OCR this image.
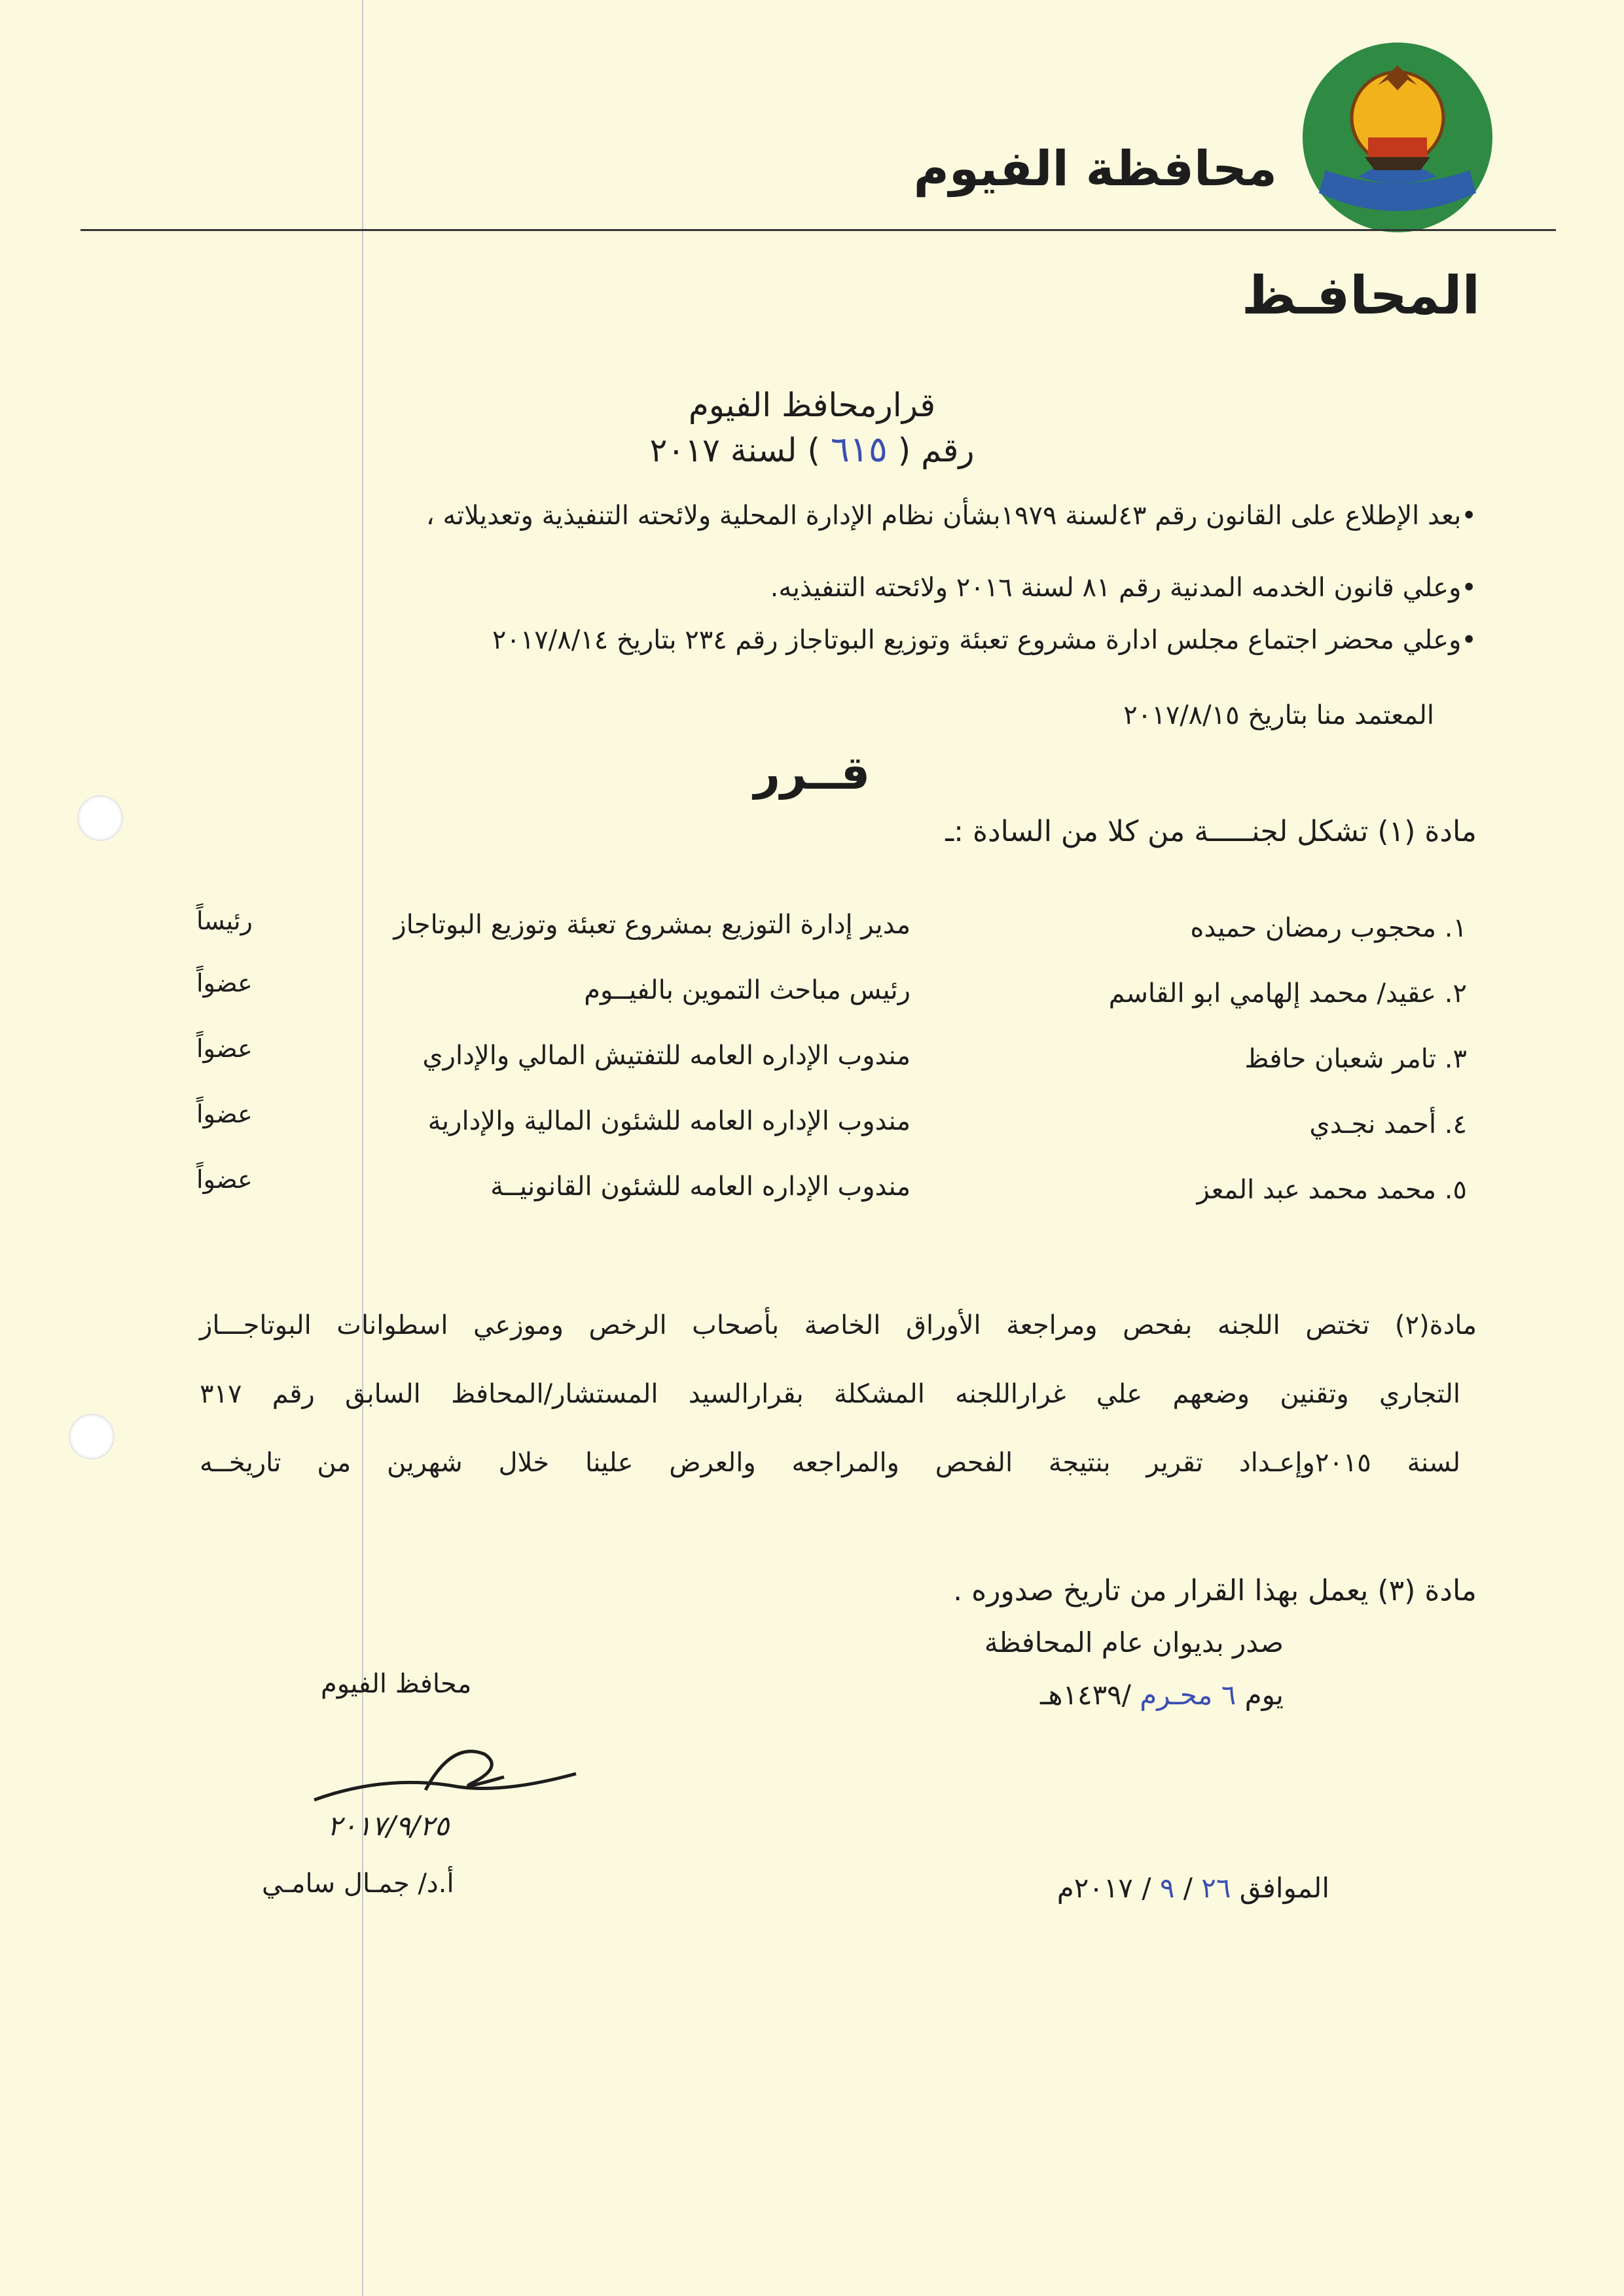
محافظة الفيوم
المحافـظ
قرارمحافظ الفيوم
رقم ( ٦١٥ ) لسنة ٢٠١٧
•بعد الإطلاع على القانون رقم ٤٣لسنة ١٩٧٩بشأن نظام الإدارة المحلية ولائحته التنفيذية وتعديلاته ،
•وعلي قانون الخدمه المدنية رقم ٨١ لسنة ٢٠١٦ ولائحته التنفيذيه.
•وعلي محضر اجتماع مجلس ادارة مشروع تعبئة وتوزيع البوتاجاز رقم ٢٣٤ بتاريخ ٢٠١٧/٨/١٤
المعتمد منا بتاريخ ٢٠١٧/٨/١٥
قــرر
مادة (١) تشكل لجنـــــة من كلا من السادة :ـ
١. محجوب رمضان حميده
مدير إدارة التوزيع بمشروع تعبئة وتوزيع البوتاجاز
رئيساً
٢. عقيد/ محمد إلهامي ابو القاسم
رئيس مباحث التموين بالفيــوم
عضواً
٣. تامر شعبان حافظ
مندوب الإداره العامه للتفتيش المالي والإداري
عضواً
٤. أحمد نجـدي
مندوب الإداره العامه للشئون المالية والإدارية
عضواً
٥. محمد محمد عبد المعز
مندوب الإداره العامه للشئون القانونيــة
عضواً
مادة(٢) تختص اللجنه بفحص ومراجعة الأوراق الخاصة بأصحاب الرخص وموزعي اسطوانات البوتاجـــاز
التجاري وتقنين وضعهم علي غراراللجنه المشكلة بقرارالسيد المستشار/المحافظ السابق رقم ٣١٧
لسنة ٢٠١٥وإعـداد تقرير بنتيجة الفحص والمراجعه والعرض علينا خلال شهرين من تاريخــه
مادة (٣) يعمل بهذا القرار من تاريخ صدوره .
صدر بديوان عام المحافظة
يوم ٦ محـرم /١٤٣٩هـ
الموافق ٢٦ / ٩ / ٢٠١٧م
محافظ الفيوم
٢٠١٧/٩/٢٥
أ.د/ جمـال سامـي
